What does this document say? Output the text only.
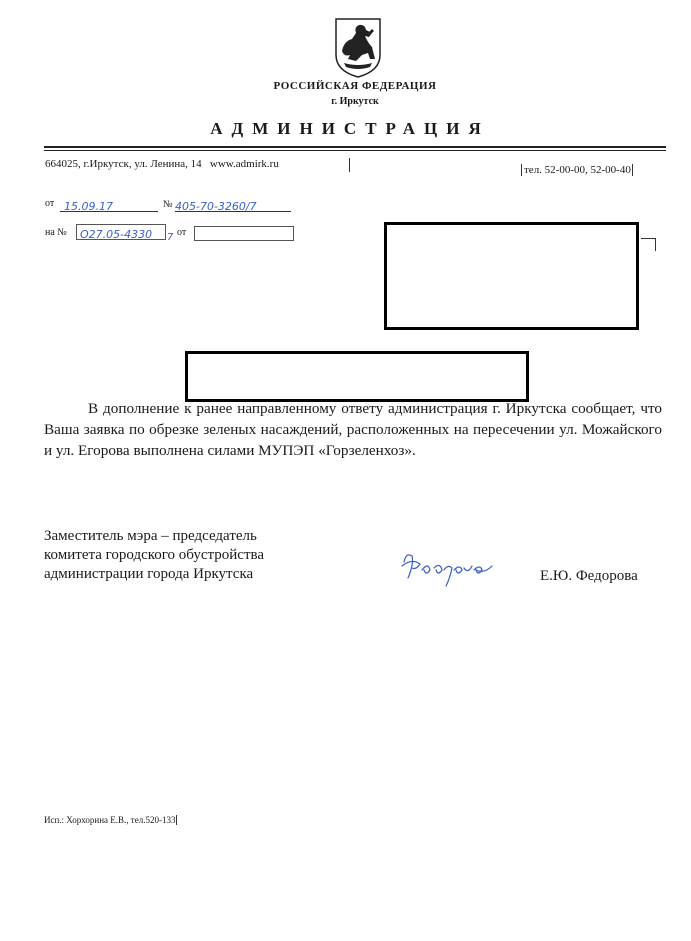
РОССИЙСКАЯ ФЕДЕРАЦИЯ
г. Иркутск
АДМИНИСТРАЦИЯ
664025, г.Иркутск, ул. Ленина, 14 www.admirk.ru	тел. 52-00-00, 52-00-40
от 15.09.17	№ 405-70-3260/7
на №	О27.05-4330	7 от

В дополнение к ранее направленному ответу администрация г. Иркутска сообщает, что Ваша заявка по обрезке зеленых насаждений, расположенных на пересечении ул. Можайского и ул. Егорова выполнена силами МУПЭП «Горзеленхоз».

Заместитель мэра – председатель
комитета городского обустройства
администрации города Иркутска	Е.Ю. Федорова
Исп.: Хорхорина Е.В., тел.520-133
